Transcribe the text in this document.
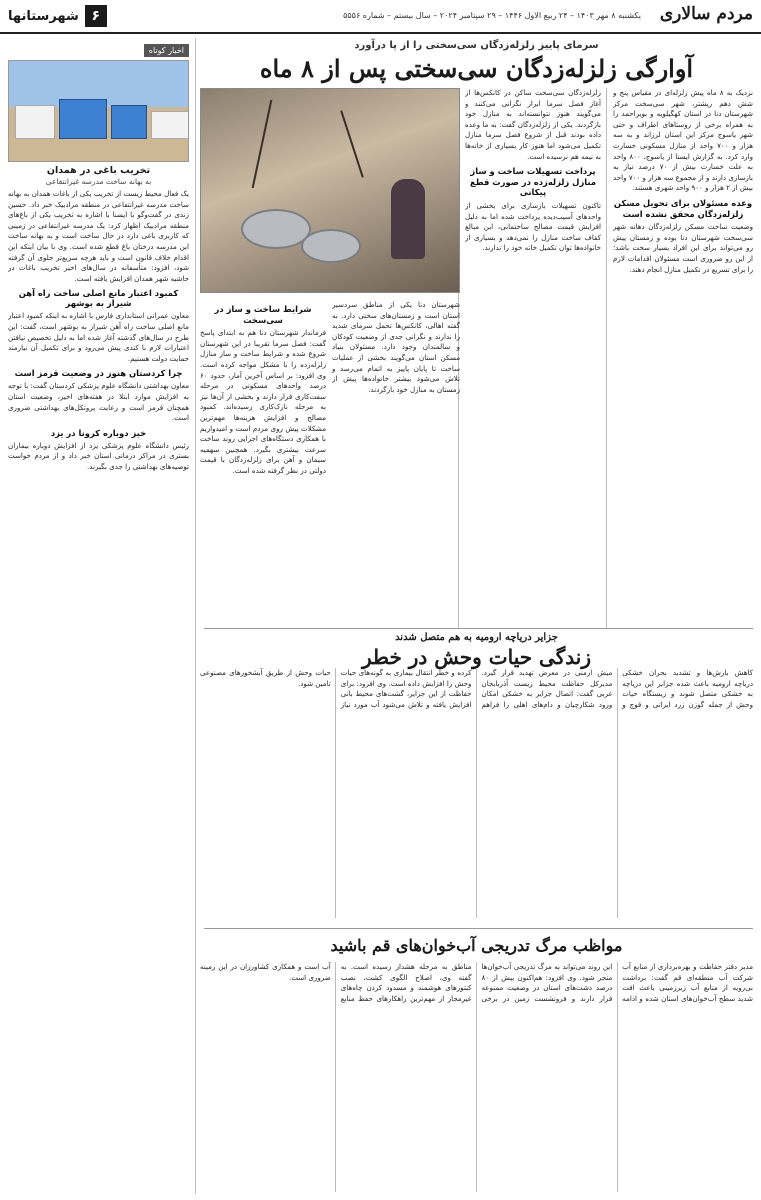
مردم سالاری
یکشنبه ۸ مهر ۱۴۰۳ – ۲۴ ربیع الاول ۱۴۴۶ – ۲۹ سپتامبر ۲۰۲۴ – سال بیستم – شماره ۵۵۵۶
۶
شهرستانها
اخبار کوتاه
تخریب باغی در همدان
به بهانه ساخت مدرسه غیرانتفاعی
یک فعال محیط زیست از تخریب یکی از باغات همدان به بهانه ساخت مدرسه غیرانتفاعی در منطقه مرادبیک خبر داد. حسین زندی در گفت‌وگو با ایسنا با اشاره به تخریب یکی از باغ‌های منطقه مرادبیک اظهار کرد: یک مدرسه غیرانتفاعی در زمینی که کاربری باغی دارد در حال ساخت است و به بهانه ساخت این مدرسه درختان باغ قطع شده است. وی با بیان اینکه این اقدام خلاف قانون است و باید هرچه سریع‌تر جلوی آن گرفته شود، افزود: متأسفانه در سال‌های اخیر تخریب باغات در حاشیه شهر همدان افزایش یافته است.
کمبود اعتبار مانع اصلی ساخت راه آهن شیراز به بوشهر
معاون عمرانی استانداری فارس با اشاره به اینکه کمبود اعتبار مانع اصلی ساخت راه آهن شیراز به بوشهر است، گفت: این طرح در سال‌های گذشته آغاز شده اما به دلیل تخصیص نیافتن اعتبارات لازم با کندی پیش می‌رود و برای تکمیل آن نیازمند حمایت دولت هستیم.
چرا کردستان هنوز در وضعیت قرمز است
معاون بهداشتی دانشگاه علوم پزشکی کردستان گفت: با توجه به افزایش موارد ابتلا در هفته‌های اخیر، وضعیت استان همچنان قرمز است و رعایت پروتکل‌های بهداشتی ضروری است.
خیز دوباره کرونا در یزد
رئیس دانشگاه علوم پزشکی یزد از افزایش دوباره بیماران بستری در مراکز درمانی استان خبر داد و از مردم خواست توصیه‌های بهداشتی را جدی بگیرند.
سرمای پاییز زلزله‌زدگان سی‌سختی را از پا درآورد
آوارگی زلزله‌زدگان سی‌سختی پس از ۸ ماه

نزدیک به ۸ ماه پیش زلزله‌ای در مقیاس پنج و شش دهم ریشتر، شهر سی‌سخت مرکز شهرستان دنا در استان کهگیلویه و بویراحمد را به همراه برخی از روستاهای اطراف و حتی شهر یاسوج مرکز این استان لرزاند و به سه هزار و ۷۰۰ واحد از منازل مسکونی خسارت وارد کرد. به گزارش ایسنا از یاسوج، ۸۰۰ واحد به علت خسارت بیش از ۷۰ درصد نیاز به بازسازی دارند و از مجموع سه هزار و ۷۰۰ واحد بیش از ۲ هزار و ۹۰۰ واحد شهری هستند.

وعده مسئولان برای تحویل مسکن زلزله‌زدگان محقق نشده است

وضعیت ساخت مسکن زلزله‌زدگان دهانه شهر سی‌سخت شهرستان دنا بوده و زمستان پیش رو می‌تواند برای این افراد بسیار سخت باشد؛ از این رو ضروری است مسئولان اقدامات لازم را برای تسریع در تکمیل منازل انجام دهند.

زلزله‌زدگان سی‌سخت ساکن در کانکس‌ها از آغاز فصل سرما ابراز نگرانی می‌کنند و می‌گویند هنوز نتوانسته‌اند به منازل خود بازگردند. یکی از زلزله‌زدگان گفت: به ما وعده داده بودند قبل از شروع فصل سرما منازل تکمیل می‌شود اما هنوز کار بسیاری از خانه‌ها به نیمه هم نرسیده است.

پرداخت تسهیلات ساخت و ساز منازل زلزله‌زده در صورت قطع پیکانی

تاکنون تسهیلات بازسازی برای بخشی از واحدهای آسیب‌دیده پرداخت شده اما به دلیل افزایش قیمت مصالح ساختمانی، این مبالغ کفاف ساخت منازل را نمی‌دهد و بسیاری از خانواده‌ها توان تکمیل خانه خود را ندارند.

شهرستان دنا یکی از مناطق سردسیر استان است و زمستان‌های سختی دارد. به گفته اهالی، کانکس‌ها تحمل سرمای شدید را ندارند و نگرانی جدی از وضعیت کودکان و سالمندان وجود دارد. مسئولان بنیاد مسکن استان می‌گویند بخشی از عملیات ساخت تا پایان پاییز به اتمام می‌رسد و تلاش می‌شود بیشتر خانواده‌ها پیش از زمستان به منازل خود بازگردند.

شرایط ساخت و ساز در سی‌سخت

فرماندار شهرستان دنا هم به ابتدای پاسخ گفت: فصل سرما تقریبا در این شهرستان شروع شده و شرایط ساخت و ساز منازل زلزله‌زده را با مشکل مواجه کرده است. وی افزود: بر اساس آخرین آمار، حدود ۶۰ درصد واحدهای مسکونی در مرحله سفت‌کاری قرار دارند و بخشی از آن‌ها نیز به مرحله نازک‌کاری رسیده‌اند. کمبود مصالح و افزایش هزینه‌ها مهم‌ترین مشکلات پیش روی مردم است و امیدواریم با همکاری دستگاه‌های اجرایی روند ساخت سرعت بیشتری بگیرد. همچنین سهمیه سیمان و آهن برای زلزله‌زدگان با قیمت دولتی در نظر گرفته شده است.

جزایر دریاچه ارومیه به هم متصل شدند
زندگی حیات وحش در خطر
کاهش بارش‌ها و تشدید بحران خشکی دریاچه ارومیه باعث شده جزایر این دریاچه به خشکی متصل شوند و زیستگاه حیات وحش از جمله گوزن زرد ایرانی و قوچ و میش ارمنی در معرض تهدید قرار گیرد. مدیرکل حفاظت محیط زیست آذربایجان غربی گفت: اتصال جزایر به خشکی امکان ورود شکارچیان و دام‌های اهلی را فراهم کرده و خطر انتقال بیماری به گونه‌های حیات وحش را افزایش داده است. وی افزود: برای حفاظت از این جزایر، گشت‌های محیط بانی افزایش یافته و تلاش می‌شود آب مورد نیاز حیات وحش از طریق آبشخورهای مصنوعی تامین شود.
مواظب مرگ تدریجی آب‌خوان‌های قم باشید
مدیر دفتر حفاظت و بهره‌برداری از منابع آب شرکت آب منطقه‌ای قم گفت: برداشت بی‌رویه از منابع آب زیرزمینی باعث افت شدید سطح آب‌خوان‌های استان شده و ادامه این روند می‌تواند به مرگ تدریجی آب‌خوان‌ها منجر شود. وی افزود: هم‌اکنون بیش از ۸۰ درصد دشت‌های استان در وضعیت ممنوعه قرار دارند و فرونشست زمین در برخی مناطق به مرحله هشدار رسیده است. به گفته وی، اصلاح الگوی کشت، نصب کنتورهای هوشمند و مسدود کردن چاه‌های غیرمجاز از مهم‌ترین راهکارهای حفظ منابع آب است و همکاری کشاورزان در این زمینه ضروری است.
